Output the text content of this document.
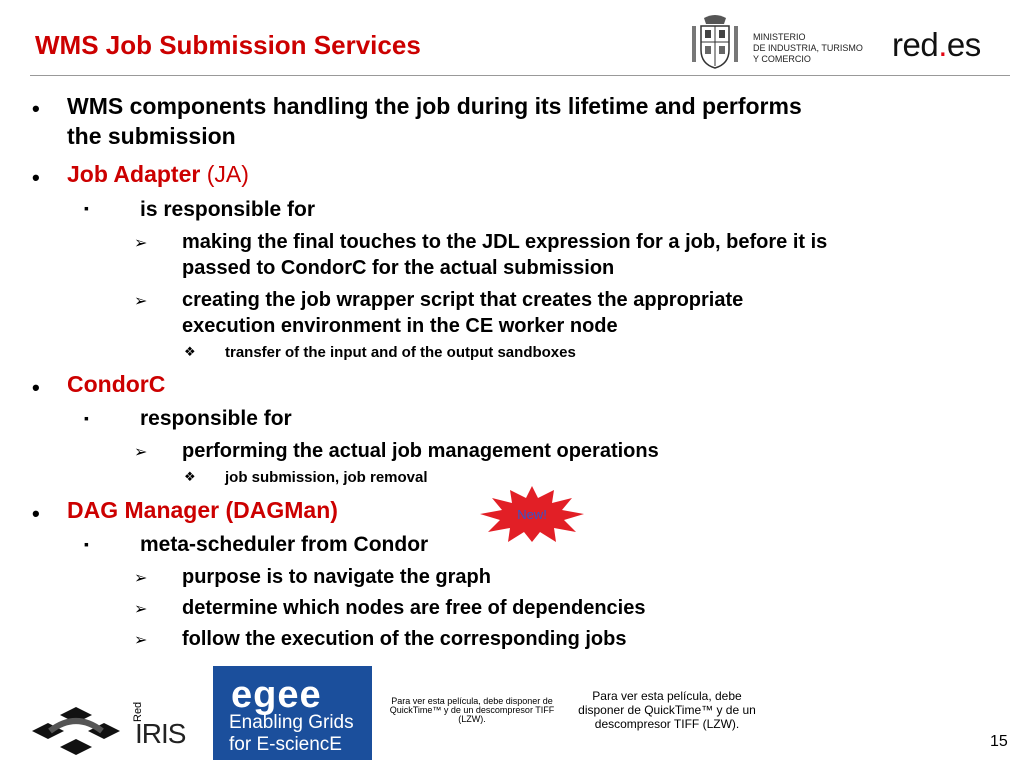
WMS Job Submission Services	MINISTERIO
DE INDUSTRIA, TURISMO
Y COMERCIO	red.es
• WMS components handling the job during its lifetime and performs
the submission
• Job Adapter (JA)
▪ is responsible for
➢ making the final touches to the JDL expression for a job, before it is
passed to CondorC for the actual submission
➢ creating the job wrapper script that creates the appropriate
execution environment in the CE worker node
❖ transfer of the input and of the output sandboxes
• CondorC
▪ responsible for
➢ performing the actual job management operations
❖ job submission, job removal
• DAG Manager (DAGMan)
▪ meta-scheduler from Condor
➢ purpose is to navigate the graph
➢ determine which nodes are free of dependencies
➢ follow the execution of the corresponding jobs
New!
Red
IRIS
egee
Enabling Grids
for E-sciencE
Para ver esta película, debe disponer de QuickTime™ y de un descompresor TIFF (LZW).
Para ver esta película, debe disponer de QuickTime™ y de un descompresor TIFF (LZW).
15
